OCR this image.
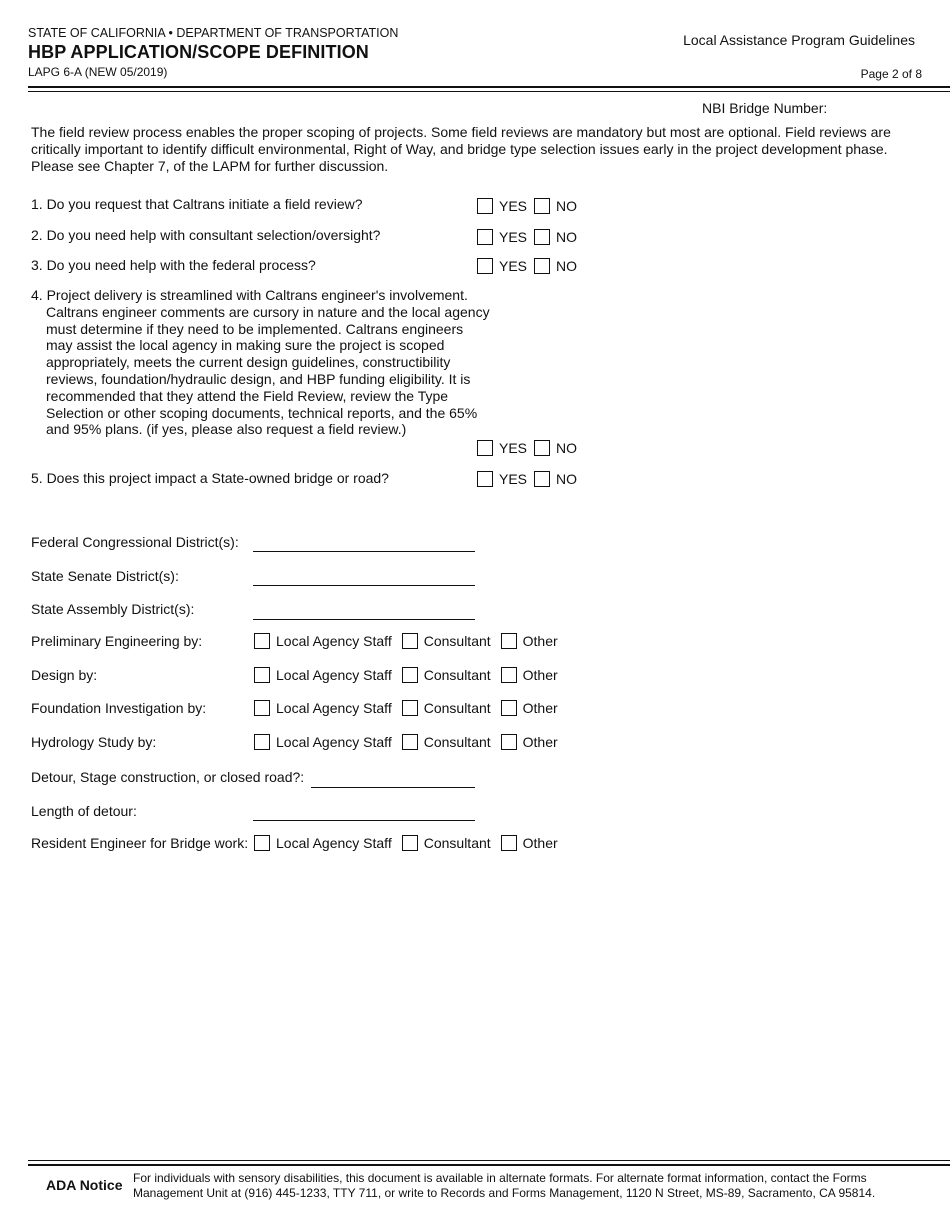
STATE OF CALIFORNIA • DEPARTMENT OF TRANSPORTATION
HBP APPLICATION/SCOPE DEFINITION
LAPG 6-A (NEW 05/2019)
Local Assistance Program Guidelines
Page 2 of 8
NBI Bridge Number:
The field review process enables the proper scoping of projects. Some field reviews are mandatory but most are optional. Field reviews are critically important to identify difficult environmental, Right of Way, and bridge type selection issues early in the project development phase. Please see Chapter 7, of the LAPM for further discussion.
1. Do you request that Caltrans initiate a field review?	YES NO
2. Do you need help with consultant selection/oversight?	YES NO
3. Do you need help with the federal process?	YES NO
4. Project delivery is streamlined with Caltrans engineer's involvement. Caltrans engineer comments are cursory in nature and the local agency must determine if they need to be implemented. Caltrans engineers may assist the local agency in making sure the project is scoped appropriately, meets the current design guidelines, constructibility reviews, foundation/hydraulic design, and HBP funding eligibility. It is recommended that they attend the Field Review, review the Type Selection or other scoping documents, technical reports, and the 65% and 95% plans. (if yes, please also request a field review.)
YES NO
5. Does this project impact a State-owned bridge or road?	YES NO
Federal Congressional District(s):
State Senate District(s):
State Assembly District(s):
Preliminary Engineering by:	Local Agency Staff Consultant Other
Design by:	Local Agency Staff Consultant Other
Foundation Investigation by:	Local Agency Staff Consultant Other
Hydrology Study by:	Local Agency Staff Consultant Other
Detour, Stage construction, or closed road?:
Length of detour:
Resident Engineer for Bridge work: Local Agency Staff Consultant Other
ADA Notice For individuals with sensory disabilities, this document is available in alternate formats. For alternate format information, contact the Forms Management Unit at (916) 445-1233, TTY 711, or write to Records and Forms Management, 1120 N Street, MS-89, Sacramento, CA 95814.
